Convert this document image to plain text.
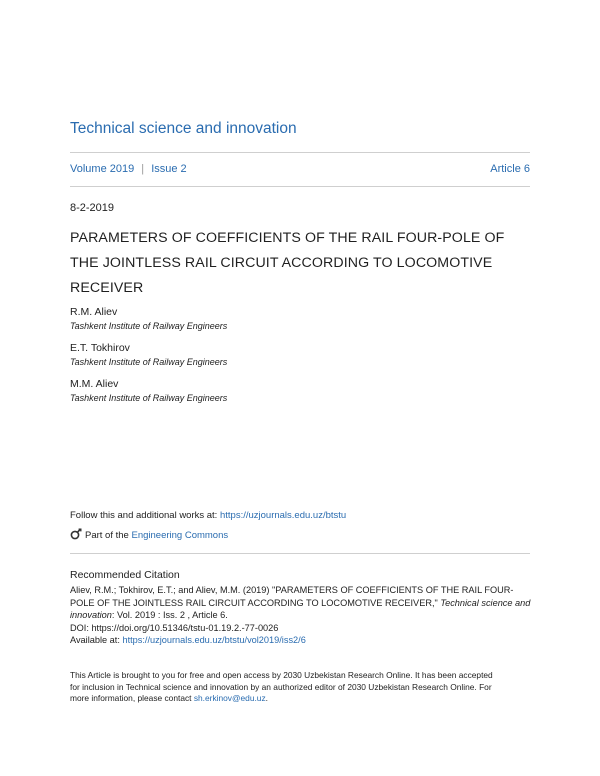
Technical science and innovation
Volume 2019 | Issue 2	Article 6
8-2-2019
PARAMETERS OF COEFFICIENTS OF THE RAIL FOUR-POLE OF
THE JOINTLESS RAIL CIRCUIT ACCORDING TO LOCOMOTIVE
RECEIVER
R.M. Aliev
Tashkent Institute of Railway Engineers
E.T. Tokhirov
Tashkent Institute of Railway Engineers
M.M. Aliev
Tashkent Institute of Railway Engineers
Follow this and additional works at: https://uzjournals.edu.uz/btstu
Part of the Engineering Commons
Recommended Citation
Aliev, R.M.; Tokhirov, E.T.; and Aliev, M.M. (2019) "PARAMETERS OF COEFFICIENTS OF THE RAIL FOUR-
POLE OF THE JOINTLESS RAIL CIRCUIT ACCORDING TO LOCOMOTIVE RECEIVER," Technical science and
innovation: Vol. 2019 : Iss. 2 , Article 6.
DOI: https://doi.org/10.51346/tstu-01.19.2.-77-0026
Available at: https://uzjournals.edu.uz/btstu/vol2019/iss2/6
This Article is brought to you for free and open access by 2030 Uzbekistan Research Online. It has been accepted
for inclusion in Technical science and innovation by an authorized editor of 2030 Uzbekistan Research Online. For
more information, please contact sh.erkinov@edu.uz.
